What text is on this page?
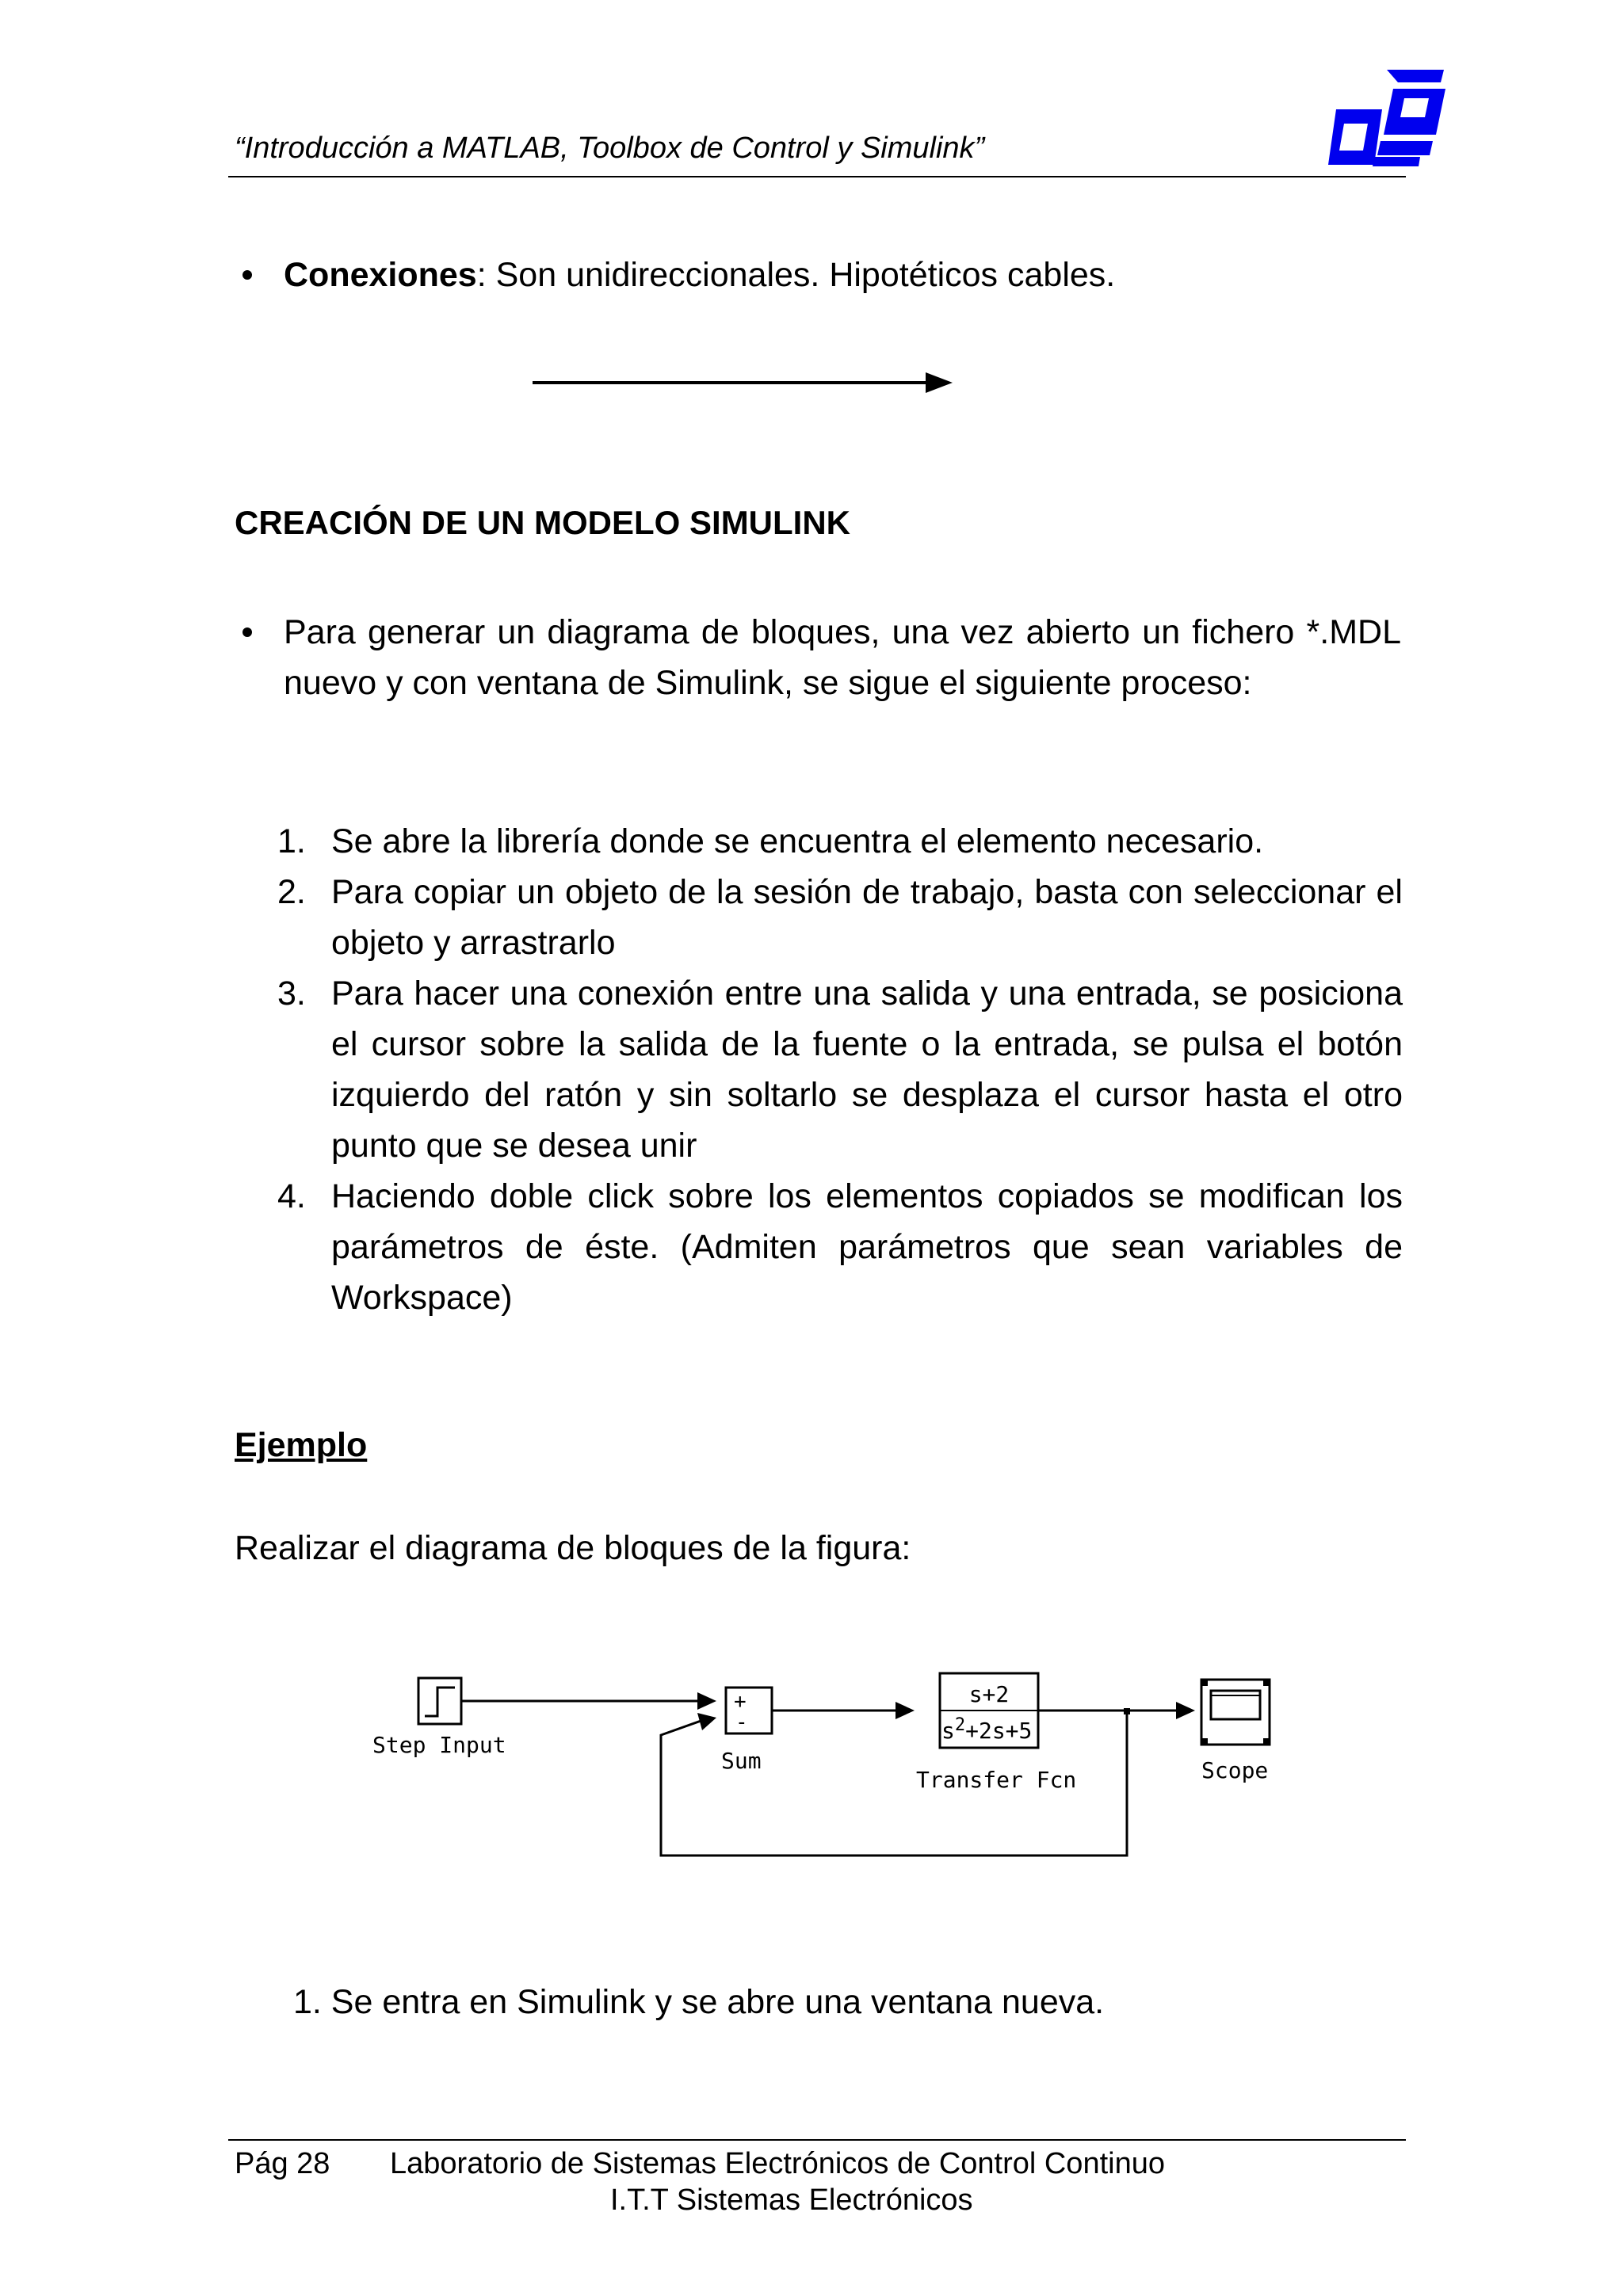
“Introducción a MATLAB, Toolbox de Control y Simulink”
Conexiones: Son unidireccionales. Hipotéticos cables.
CREACIÓN DE UN MODELO SIMULINK
Para generar un diagrama de bloques, una vez abierto un fichero *.MDL nuevo y con ventana de Simulink, se sigue el siguiente proceso:
1. Se abre la librería donde se encuentra el elemento necesario.
2. Para copiar un objeto de la sesión de trabajo, basta con seleccionar el objeto y arrastrarlo
3. Para hacer una conexión entre una salida y una entrada, se posiciona el cursor sobre la salida de la fuente o la entrada, se pulsa el botón izquierdo del ratón y sin soltarlo se desplaza el cursor hasta el otro punto que se desea unir
4. Haciendo doble click sobre los elementos copiados se modifican los parámetros de éste. (Admiten parámetros que sean variables de Workspace)
Ejemplo
Realizar el diagrama de bloques de la figura:
Step Input
+
-
Sum
s+2
$s^2+2s+5$
Transfer Fcn	Scope
1. Se entra en Simulink y se abre una ventana nueva.
Pág 28 Laboratorio de Sistemas Electrónicos de Control Continuo
I.T.T Sistemas Electrónicos
